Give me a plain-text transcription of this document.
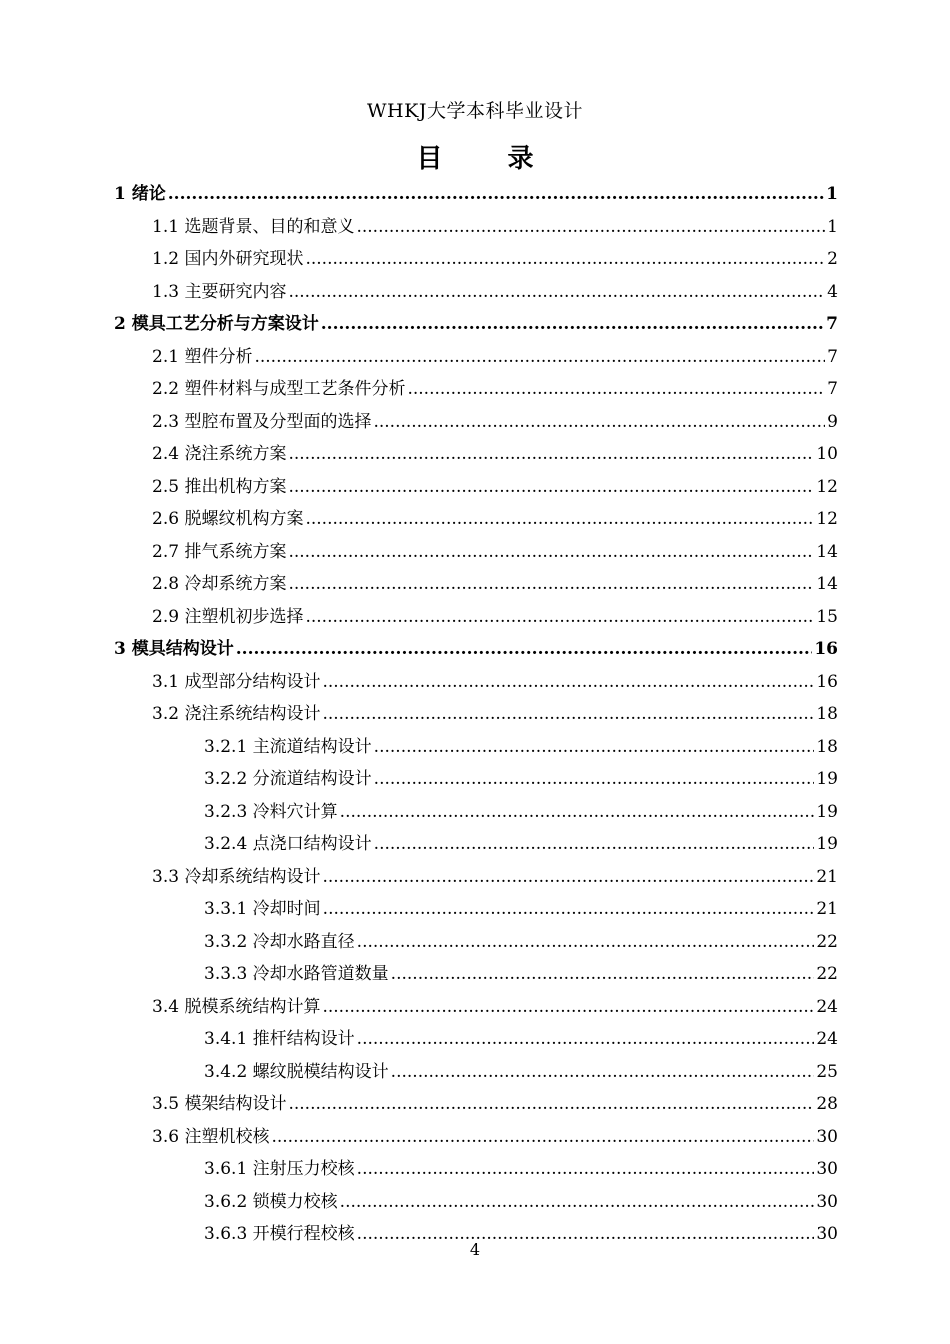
WHKJ大学本科毕业设计
目 录
1 绪论 .....	1
1.1 选题背景、目的和意义 .....	1
1.2 国内外研究现状 .....	2
1.3 主要研究内容 .....	4
2 模具工艺分析与方案设计 .....	7
2.1 塑件分析 .....	7
2.2 塑件材料与成型工艺条件分析 .....	7
2.3 型腔布置及分型面的选择 .....	9
2.4 浇注系统方案 .....	10
2.5 推出机构方案 .....	12
2.6 脱螺纹机构方案 .....	12
2.7 排气系统方案 .....	14
2.8 冷却系统方案 .....	14
2.9 注塑机初步选择 .....	15
3 模具结构设计 .....	16
3.1 成型部分结构设计 .....	16
3.2 浇注系统结构设计 .....	18
3.2.1 主流道结构设计 .....	18
3.2.2 分流道结构设计 .....	19
3.2.3 冷料穴计算 .....	19
3.2.4 点浇口结构设计 .....	19
3.3 冷却系统结构设计 .....	21
3.3.1 冷却时间 .....	21
3.3.2 冷却水路直径 .....	22
3.3.3 冷却水路管道数量 .....	22
3.4 脱模系统结构计算 .....	24
3.4.1 推杆结构设计 .....	24
3.4.2 螺纹脱模结构设计 .....	25
3.5 模架结构设计 .....	28
3.6 注塑机校核 .....	30
3.6.1 注射压力校核 .....	30
3.6.2 锁模力校核 .....	30
3.6.3 开模行程校核 .....	30
4
